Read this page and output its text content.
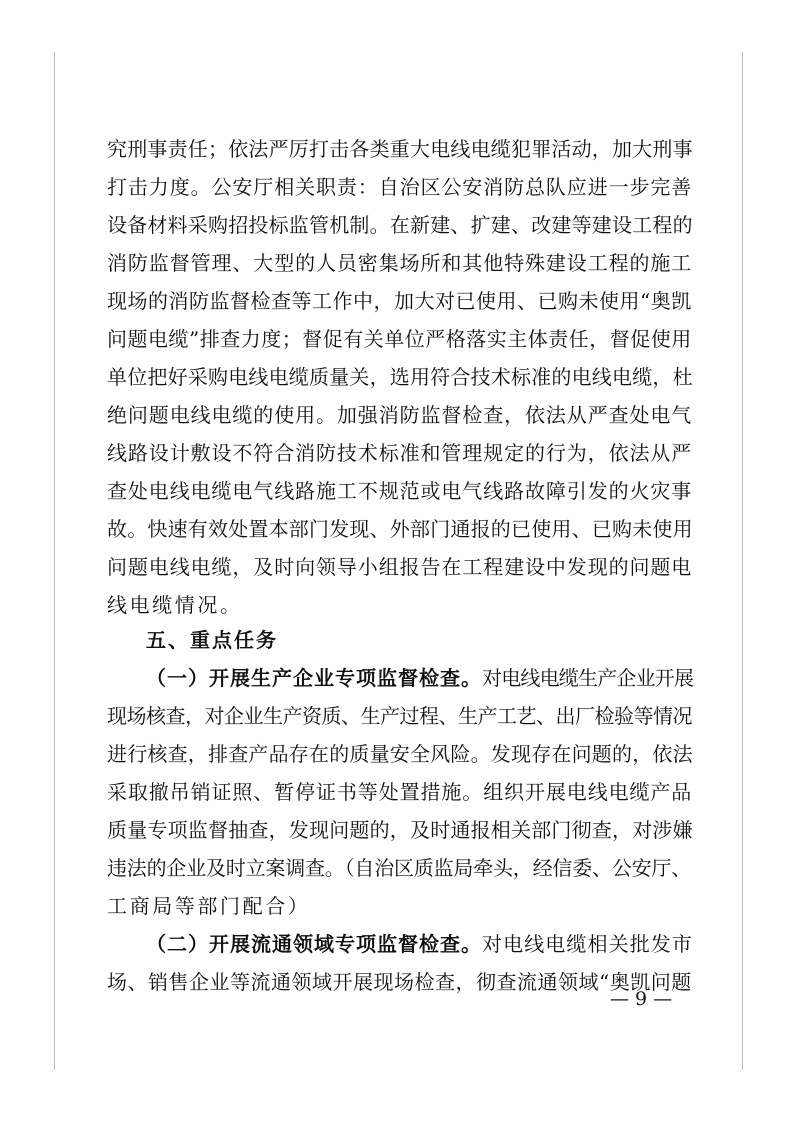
究刑事责任；依法严厉打击各类重大电线电缆犯罪活动，加大刑事
打击力度。公安厅相关职责：自治区公安消防总队应进一步完善
设备材料采购招投标监管机制。在新建、扩建、改建等建设工程的
消防监督管理、大型的人员密集场所和其他特殊建设工程的施工
现场的消防监督检查等工作中，加大对已使用、已购未使用“奥凯
问题电缆”排查力度；督促有关单位严格落实主体责任，督促使用
单位把好采购电线电缆质量关，选用符合技术标准的电线电缆，杜
绝问题电线电缆的使用。加强消防监督检查，依法从严查处电气
线路设计敷设不符合消防技术标准和管理规定的行为，依法从严
查处电线电缆电气线路施工不规范或电气线路故障引发的火灾事
故。快速有效处置本部门发现、外部门通报的已使用、已购未使用
问题电线电缆，及时向领导小组报告在工程建设中发现的问题电
线电缆情况。
五、重点任务
（一）开展生产企业专项监督检查。对电线电缆生产企业开展
现场核查，对企业生产资质、生产过程、生产工艺、出厂检验等情况
进行核查，排查产品存在的质量安全风险。发现存在问题的，依法
采取撤吊销证照、暂停证书等处置措施。组织开展电线电缆产品
质量专项监督抽查，发现问题的，及时通报相关部门彻查，对涉嫌
违法的企业及时立案调查。（自治区质监局牵头，经信委、公安厅、
工商局等部门配合）
（二）开展流通领域专项监督检查。对电线电缆相关批发市
场、销售企业等流通领域开展现场检查，彻查流通领域“奥凯问题
— 9 —
